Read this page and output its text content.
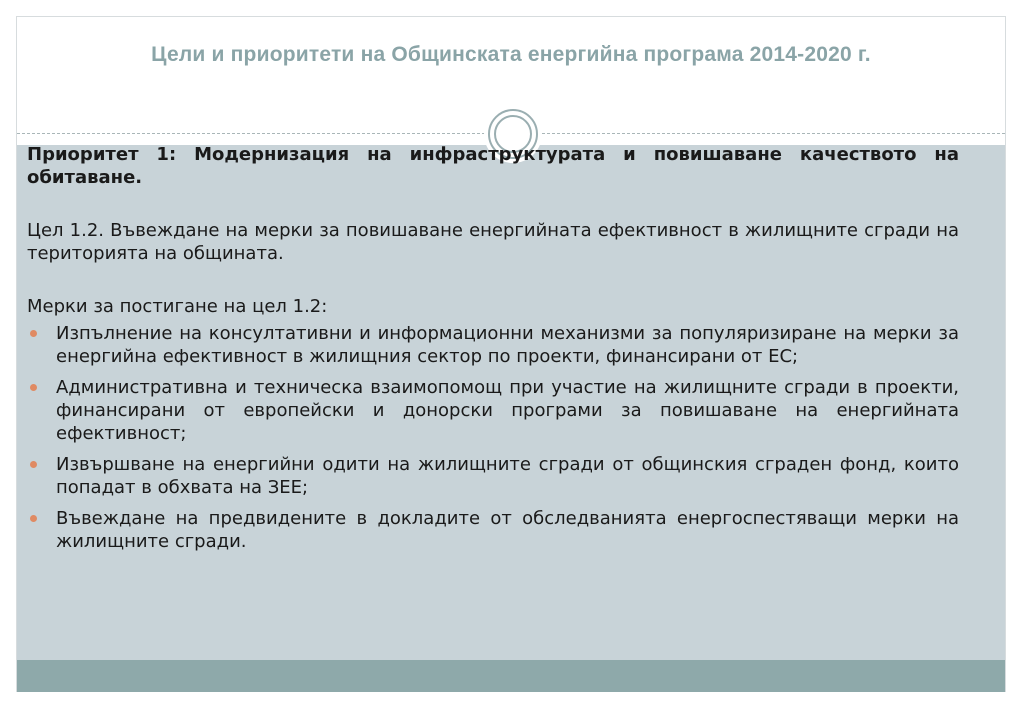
Цели и приоритети на Общинската енергийна програма 2014-2020 г.

Приоритет 1: Модернизация на инфраструктурата и повишаване качеството на обитаване.

Цел 1.2. Въвеждане на мерки за повишаване енергийната ефективност в жилищните сгради на територията на общината.

Мерки за постигане на цел 1.2:

Изпълнение на консултативни и информационни механизми за популяризиране на мерки за енергийна ефективност в жилищния сектор по проекти, финансирани от ЕС;
Административна и техническа взаимопомощ при участие на жилищните сгради в проекти, финансирани от европейски и донорски програми за повишаване на енергийната ефективност;
Извършване на енергийни одити на жилищните сгради от общинския сграден фонд, които попадат в обхвата на ЗЕЕ;
Въвеждане на предвидените в докладите от обследванията енергоспестяващи мерки на жилищните сгради.
